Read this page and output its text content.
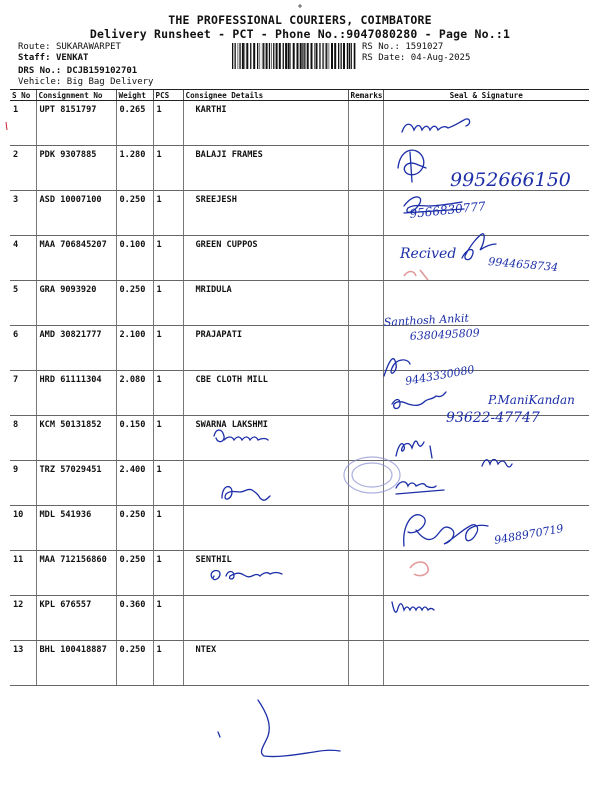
THE PROFESSIONAL COURIERS, COIMBATORE
Delivery Runsheet - PCT - Phone No.:9047080280 - Page No.:1
Route: SUKARAWARPET
Staff: VENKAT
DRS No.: DCJB159102701
Vehicle: Big Bag Delivery
RS No.: 1591027
RS Date: 04-Aug-2025
S No	Consignment No	Weight	PCS	Consignee Details	Remarks	Seal & Signature
1	UPT 8151797	0.265	1	KARTHI		
2	PDK 9307885	1.280	1	BALAJI FRAMES		
3	ASD 10007100	0.250	1	SREEJESH		
4	MAA 706845207	0.100	1	GREEN CUPPOS		
5	GRA 9093920	0.250	1	MRIDULA		
6	AMD 30821777	2.100	1	PRAJAPATI		
7	HRD 61111304	2.080	1	CBE CLOTH MILL		
8	KCM 50131852	0.150	1	SWARNA LAKSHMI		
9	TRZ 57029451	2.400	1			
10	MDL 541936	0.250	1			
11	MAA 712156860	0.250	1	SENTHIL		
12	KPL 676557	0.360	1			
13	BHL 100418887	0.250	1	NTEX		
9952666150
9566830777
Recived
9944658734
Santhosh Ankit
6380495809
9443330080
P.ManiKandan
93622-47747
9488970719
